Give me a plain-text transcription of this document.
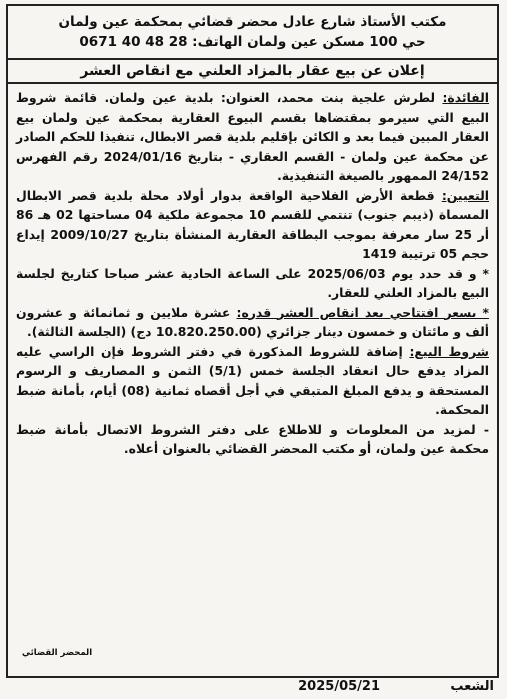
مكتب الأستاذ شارع عادل محضر قضائي بمحكمة عين ولمان
حي 100 مسكن عين ولمان الهاتف: 28 48 40 0671
إعلان عن بيع عقار بالمزاد العلني مع انقاص العشر

الفائدة: لطرش علجية بنت محمد، العنوان: بلدية عين ولمان. قائمة شروط البيع التي سيرمو بمقتضاها بقسم البيوع العقارية بمحكمة عين ولمان بيع العقار المبين فيما بعد و الكائن بإقليم بلدية قصر الابطال، تنفيذا للحكم الصادر عن محكمة عين ولمان - القسم العقاري - بتاريخ 2024/01/16 رقم الفهرس 24/152 الممهور بالصيغة التنفيذية.

التعيين: قطعة الأرض الفلاحية الواقعة بدوار أولاد محلة بلدية قصر الابطال المسماة (ذيبم جنوب) تنتمي للقسم 10 مجموعة ملكية 04 مساحتها 02 هـ 86 أر 25 سار معرفة بموجب البطاقة العقارية المنشأة بتاريخ 2009/10/27 إيداع حجم 05 ترتيبة 1419

* و قد حدد يوم 2025/06/03 على الساعة الحادية عشر صباحا كتاريخ لجلسة البيع بالمزاد العلني للعقار.

* بسعر افتتاحي بعد انقاص العشر قدره: عشرة ملايين و ثمانمائة و عشرون ألف و مائتان و خمسون دينار جزائري (10.820.250.00 دج) (الجلسة الثالثة).

شروط البيع: إضافة للشروط المذكورة في دفتر الشروط فإن الراسي عليه المزاد يدفع حال انعقاد الجلسة خمس (5/1) الثمن و المصاريف و الرسوم المستحقة و يدفع المبلغ المتبقي في أجل أقصاه ثمانية (08) أيام، بأمانة ضبط المحكمة.

- لمزيد من المعلومات و للاطلاع على دفتر الشروط الاتصال بأمانة ضبط محكمة عين ولمان، أو مكتب المحضر القضائي بالعنوان أعلاه.

المحضر القضائي
الشعب
2025/05/21
